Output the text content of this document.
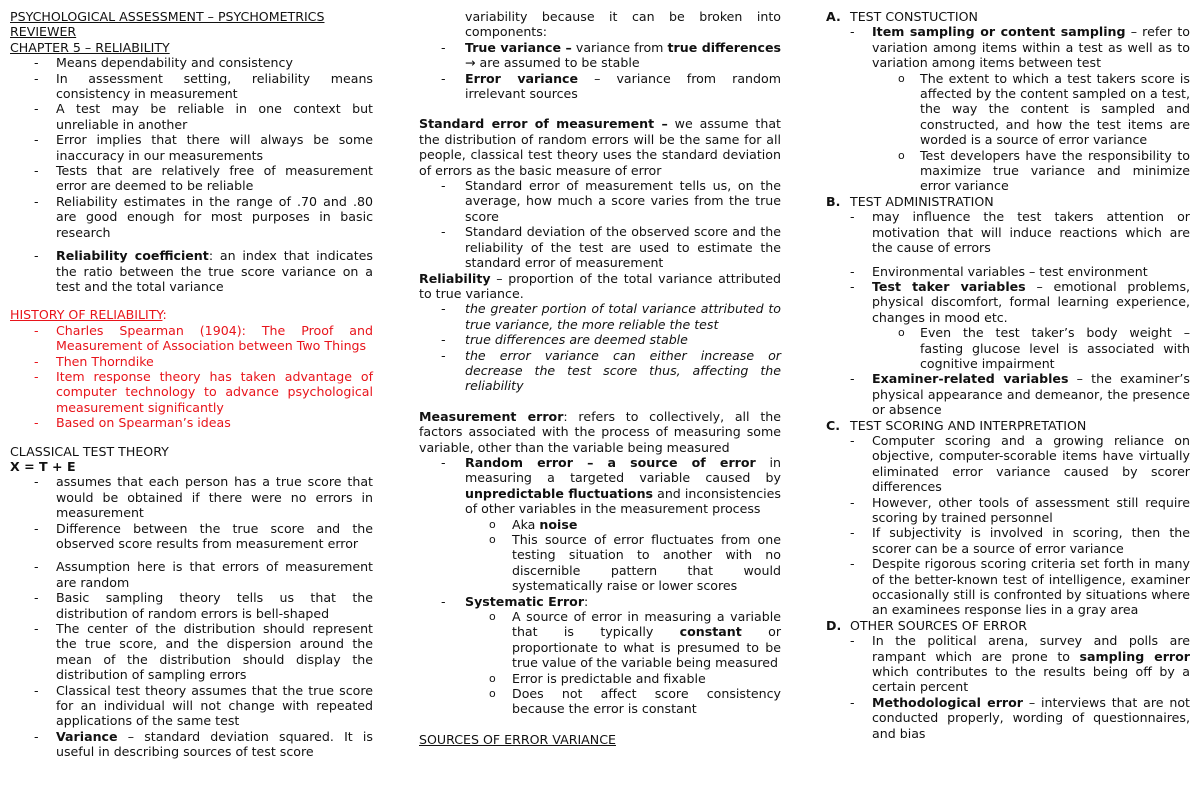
PSYCHOLOGICAL ASSESSMENT – PSYCHOMETRICS
REVIEWER

CHAPTER 5 – RELIABILITY

- Means dependability and consistency
- In assessment setting, reliability means consistency in measurement
- A test may be reliable in one context but unreliable in another
- Error implies that there will always be some inaccuracy in our measurements
- Tests that are relatively free of measurement error are deemed to be reliable
- Reliability estimates in the range of .70 and .80 are good enough for most purposes in basic research
- Reliability coefficient: an index that indicates the ratio between the true score variance on a test and the total variance

HISTORY OF RELIABILITY:

- Charles Spearman (1904): The Proof and Measurement of Association between Two Things
- Then Thorndike
- Item response theory has taken advantage of computer technology to advance psychological measurement significantly
- Based on Spearman’s ideas

CLASSICAL TEST THEORY

X = T + E

- assumes that each person has a true score that would be obtained if there were no errors in measurement
- Difference between the true score and the observed score results from measurement error
- Assumption here is that errors of measurement are random
- Basic sampling theory tells us that the distribution of random errors is bell-shaped
- The center of the distribution should represent the true score, and the dispersion around the mean of the distribution should display the distribution of sampling errors
- Classical test theory assumes that the true score for an individual will not change with repeated applications of the same test
- Variance – standard deviation squared. It is useful in describing sources of test score

variability because it can be broken into components:

- True variance – variance from true differences → are assumed to be stable
- Error variance – variance from random irrelevant sources

Standard error of measurement – we assume that the distribution of random errors will be the same for all people, classical test theory uses the standard deviation of errors as the basic measure of error

- Standard error of measurement tells us, on the average, how much a score varies from the true score
- Standard deviation of the observed score and the reliability of the test are used to estimate the standard error of measurement

Reliability – proportion of the total variance attributed to true variance.

- the greater portion of total variance attributed to true variance, the more reliable the test
- true differences are deemed stable
- the error variance can either increase or decrease the test score thus, affecting the reliability

Measurement error: refers to collectively, all the factors associated with the process of measuring some variable, other than the variable being measured

- Random error – a source of error in measuring a targeted variable caused by unpredictable fluctuations and inconsistencies of other variables in the measurement process
o Aka noise
o This source of error fluctuates from one testing situation to another with no discernible pattern that would systematically raise or lower scores
- Systematic Error:
o A source of error in measuring a variable that is typically constant or proportionate to what is presumed to be true value of the variable being measured
o Error is predictable and fixable
o Does not affect score consistency because the error is constant

SOURCES OF ERROR VARIANCE

A. TEST CONSTUCTION

- Item sampling or content sampling – refer to variation among items within a test as well as to variation among items between test
o The extent to which a test takers score is affected by the content sampled on a test, the way the content is sampled and constructed, and how the test items are worded is a source of error variance
o Test developers have the responsibility to maximize true variance and minimize error variance

B. TEST ADMINISTRATION

- may influence the test takers attention or motivation that will induce reactions which are the cause of errors
- Environmental variables – test environment
- Test taker variables – emotional problems, physical discomfort, formal learning experience, changes in mood etc.
o Even the test taker’s body weight – fasting glucose level is associated with cognitive impairment
- Examiner-related variables – the examiner’s physical appearance and demeanor, the presence or absence

C. TEST SCORING AND INTERPRETATION

- Computer scoring and a growing reliance on objective, computer-scorable items have virtually eliminated error variance caused by scorer differences
- However, other tools of assessment still require scoring by trained personnel
- If subjectivity is involved in scoring, then the scorer can be a source of error variance
- Despite rigorous scoring criteria set forth in many of the better-known test of intelligence, examiner occasionally still is confronted by situations where an examinees response lies in a gray area

D. OTHER SOURCES OF ERROR

- In the political arena, survey and polls are rampant which are prone to sampling error which contributes to the results being off by a certain percent
- Methodological error – interviews that are not conducted properly, wording of questionnaires, and bias
